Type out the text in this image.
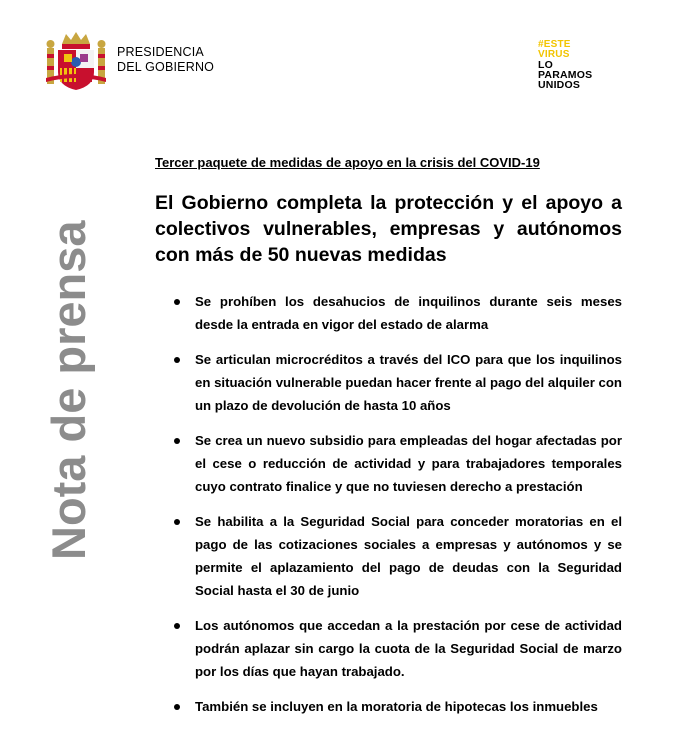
PRESIDENCIA
DEL GOBIERNO
#ESTE
VIRUS
LO
PARAMOS
UNIDOS
Nota de prensa
Tercer paquete de medidas de apoyo en la crisis del COVID-19
El Gobierno completa la protección y el apoyo a colectivos vulnerables, empresas y autónomos con más de 50 nuevas medidas
Se prohíben los desahucios de inquilinos durante seis meses desde la entrada en vigor del estado de alarma
Se articulan microcréditos a través del ICO para que los inquilinos en situación vulnerable puedan hacer frente al pago del alquiler con un plazo de devolución de hasta 10 años
Se crea un nuevo subsidio para empleadas del hogar afectadas por el cese o reducción de actividad y para trabajadores temporales cuyo contrato finalice y que no tuviesen derecho a prestación
Se habilita a la Seguridad Social para conceder moratorias en el pago de las cotizaciones sociales a empresas y autónomos y se permite el aplazamiento del pago de deudas con la Seguridad Social hasta el 30 de junio
Los autónomos que accedan a la prestación por cese de actividad podrán aplazar sin cargo la cuota de la Seguridad Social de marzo por los días que hayan trabajado.
También se incluyen en la moratoria de hipotecas los inmuebles
